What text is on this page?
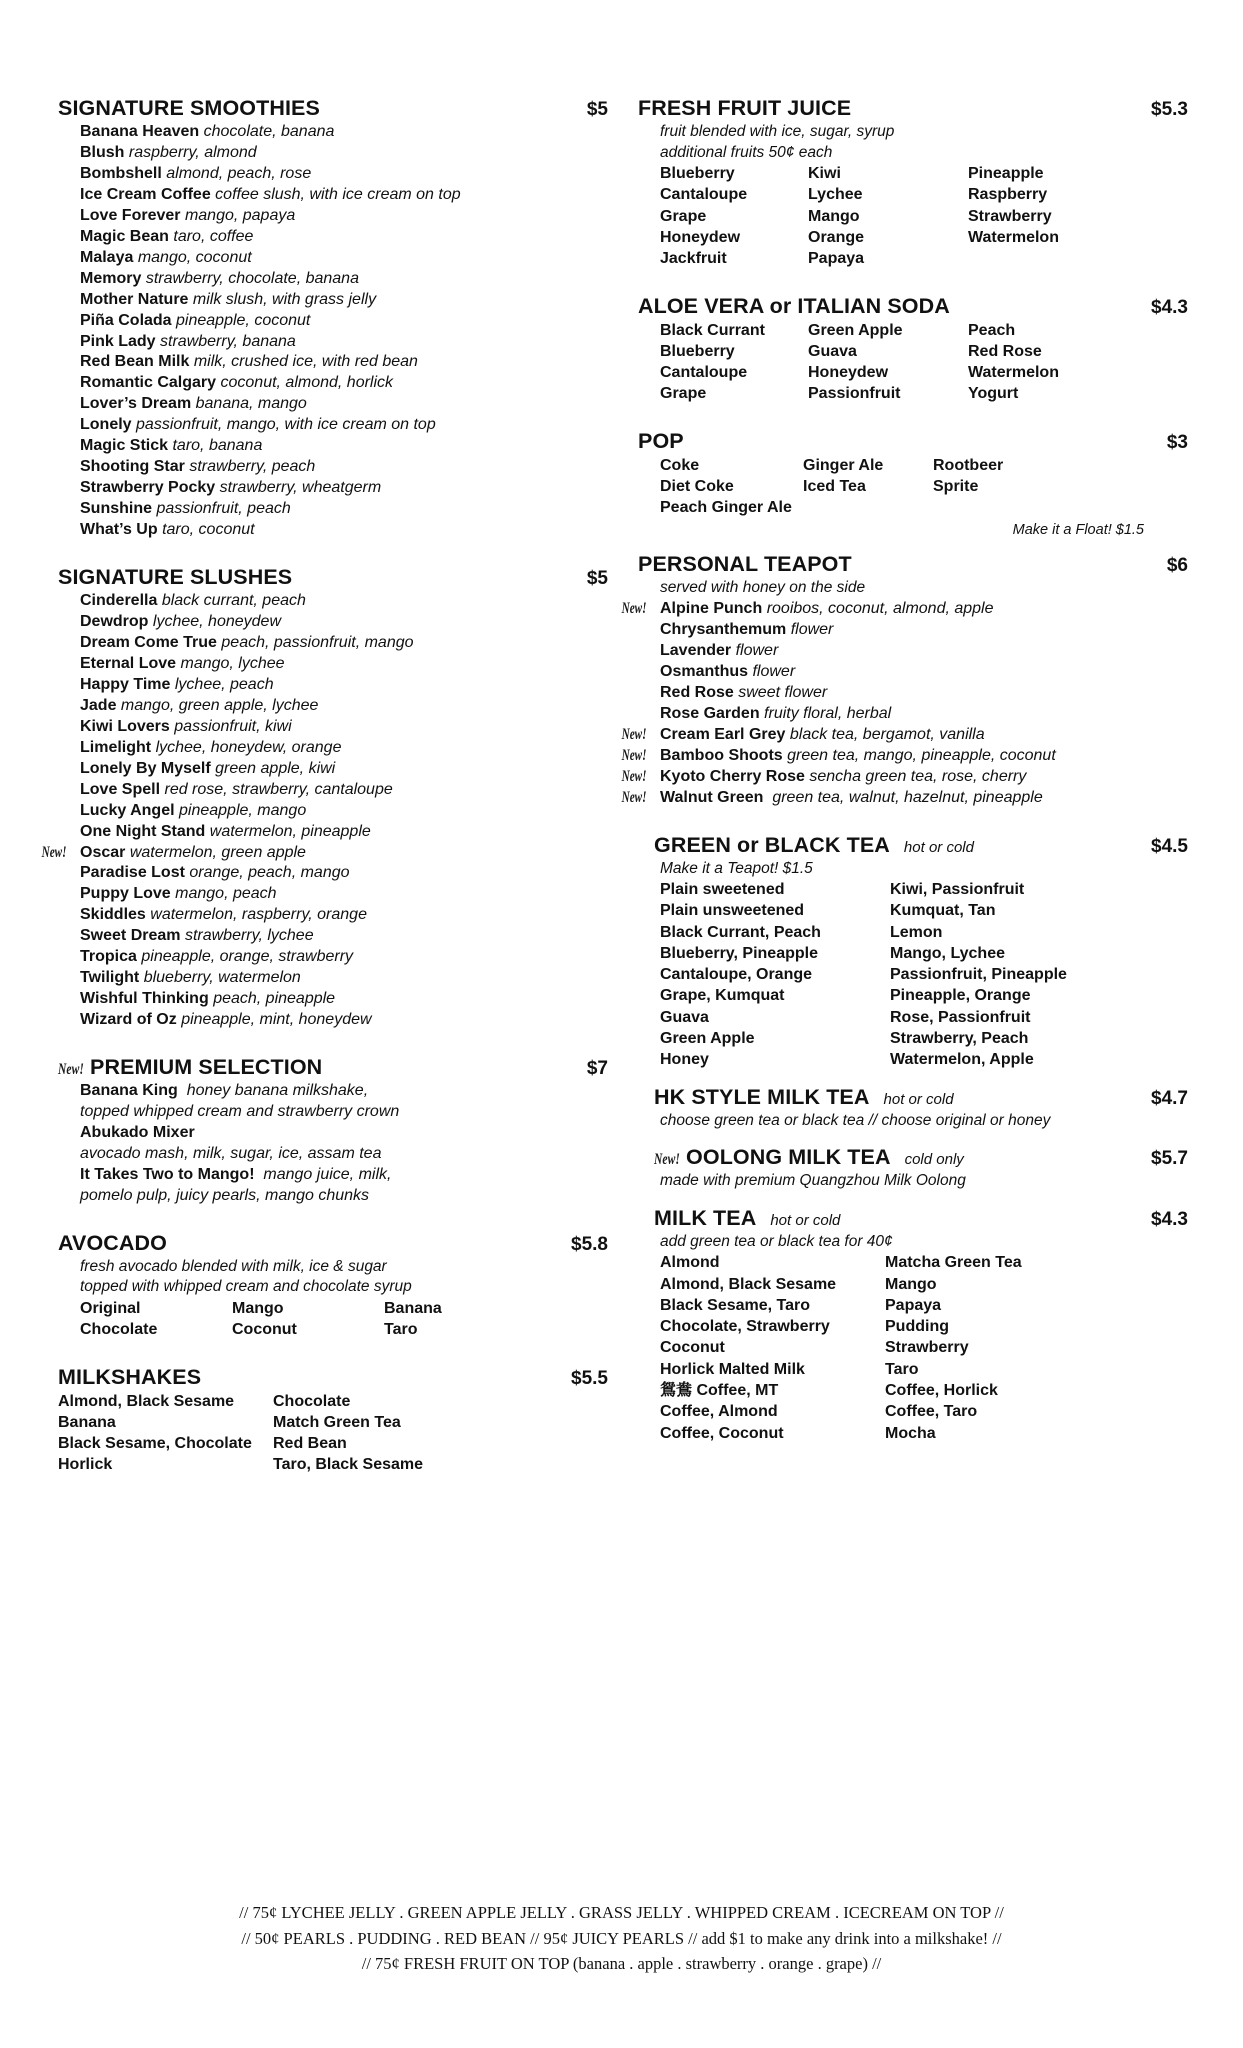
SIGNATURE SMOOTHIES	$5
Banana Heaven chocolate, banana
Blush raspberry, almond
Bombshell almond, peach, rose
Ice Cream Coffee coffee slush, with ice cream on top
Love Forever mango, papaya
Magic Bean taro, coffee
Malaya mango, coconut
Memory strawberry, chocolate, banana
Mother Nature milk slush, with grass jelly
Piña Colada pineapple, coconut
Pink Lady strawberry, banana
Red Bean Milk milk, crushed ice, with red bean
Romantic Calgary coconut, almond, horlick
Lover’s Dream banana, mango
Lonely passionfruit, mango, with ice cream on top
Magic Stick taro, banana
Shooting Star strawberry, peach
Strawberry Pocky strawberry, wheatgerm
Sunshine passionfruit, peach
What’s Up taro, coconut
SIGNATURE SLUSHES	$5
Cinderella black currant, peach
Dewdrop lychee, honeydew
Dream Come True peach, passionfruit, mango
Eternal Love mango, lychee
Happy Time lychee, peach
Jade mango, green apple, lychee
Kiwi Lovers passionfruit, kiwi
Limelight lychee, honeydew, orange
Lonely By Myself green apple, kiwi
Love Spell red rose, strawberry, cantaloupe
Lucky Angel pineapple, mango
One Night Stand watermelon, pineapple
New! Oscar watermelon, green apple
Paradise Lost orange, peach, mango
Puppy Love mango, peach
Skiddles watermelon, raspberry, orange
Sweet Dream strawberry, lychee
Tropica pineapple, orange, strawberry
Twilight blueberry, watermelon
Wishful Thinking peach, pineapple
Wizard of Oz pineapple, mint, honeydew
New! PREMIUM SELECTION	$7
Banana King honey banana milkshake,
topped whipped cream and strawberry crown
Abukado Mixer
avocado mash, milk, sugar, ice, assam tea
It Takes Two to Mango! mango juice, milk,
pomelo pulp, juicy pearls, mango chunks
AVOCADO	$5.8
fresh avocado blended with milk, ice & sugar
topped with whipped cream and chocolate syrup
Original	Mango	Banana
Chocolate	Coconut	Taro
MILKSHAKES	$5.5
Almond, Black Sesame	Chocolate
Banana	Match Green Tea
Black Sesame, Chocolate	Red Bean
Horlick	Taro, Black Sesame
FRESH FRUIT JUICE	$5.3
fruit blended with ice, sugar, syrup
additional fruits 50¢ each
Blueberry	Kiwi	Pineapple
Cantaloupe	Lychee	Raspberry
Grape	Mango	Strawberry
Honeydew	Orange	Watermelon
Jackfruit	Papaya
ALOE VERA or ITALIAN SODA	$4.3
Black Currant	Green Apple	Peach
Blueberry	Guava	Red Rose
Cantaloupe	Honeydew	Watermelon
Grape	Passionfruit	Yogurt
POP	$3
Coke	Ginger Ale	Rootbeer
Diet Coke	Iced Tea	Sprite
Peach Ginger Ale
Make it a Float! $1.5
PERSONAL TEAPOT	$6
served with honey on the side
New! Alpine Punch rooibos, coconut, almond, apple
Chrysanthemum flower
Lavender flower
Osmanthus flower
Red Rose sweet flower
Rose Garden fruity floral, herbal
New! Cream Earl Grey black tea, bergamot, vanilla
New! Bamboo Shoots green tea, mango, pineapple, coconut
New! Kyoto Cherry Rose sencha green tea, rose, cherry
New! Walnut Green green tea, walnut, hazelnut, pineapple
GREEN or BLACK TEA hot or cold	$4.5
Make it a Teapot! $1.5
Plain sweetened	Kiwi, Passionfruit
Plain unsweetened	Kumquat, Tan
Black Currant, Peach	Lemon
Blueberry, Pineapple	Mango, Lychee
Cantaloupe, Orange	Passionfruit, Pineapple
Grape, Kumquat	Pineapple, Orange
Guava	Rose, Passionfruit
Green Apple	Strawberry, Peach
Honey	Watermelon, Apple
HK STYLE MILK TEA hot or cold	$4.7
choose green tea or black tea // choose original or honey
New! OOLONG MILK TEA cold only	$5.7
made with premium Quangzhou Milk Oolong
MILK TEA hot or cold	$4.3
add green tea or black tea for 40¢
Almond	Matcha Green Tea
Almond, Black Sesame	Mango
Black Sesame, Taro	Papaya
Chocolate, Strawberry	Pudding
Coconut	Strawberry
Horlick Malted Milk	Taro
鴛鴦 Coffee, MT	Coffee, Horlick
Coffee, Almond	Coffee, Taro
Coffee, Coconut	Mocha
// 75¢ LYCHEE JELLY . GREEN APPLE JELLY . GRASS JELLY . WHIPPED CREAM . ICECREAM ON TOP //
// 50¢ PEARLS . PUDDING . RED BEAN // 95¢ JUICY PEARLS // add $1 to make any drink into a milkshake! //
// 75¢ FRESH FRUIT ON TOP (banana . apple . strawberry . orange . grape) //
